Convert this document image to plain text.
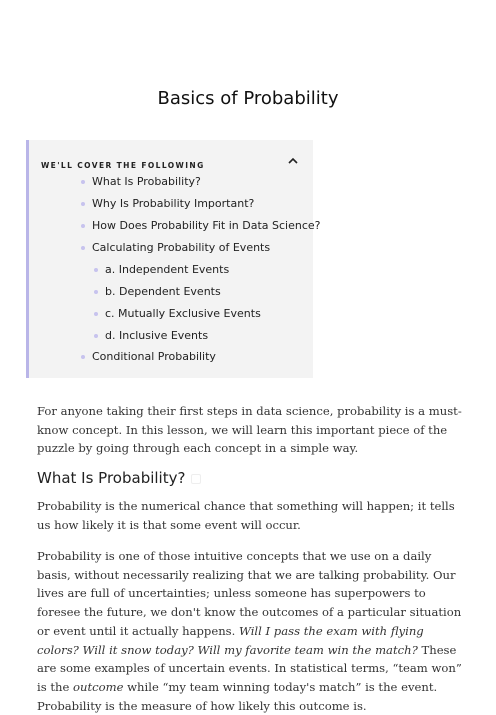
Basics of Probability
WE'LL COVER THE FOLLOWING
What Is Probability?
Why Is Probability Important?
How Does Probability Fit in Data Science?
Calculating Probability of Events
a. Independent Events
b. Dependent Events
c. Mutually Exclusive Events
d. Inclusive Events
Conditional Probability

For anyone taking their first steps in data science, probability is a must-know concept. In this lesson, we will learn this important piece of the puzzle by going through each concept in a simple way.

What Is Probability?

Probability is the numerical chance that something will happen; it tells us how likely it is that some event will occur.

Probability is one of those intuitive concepts that we use on a daily basis, without necessarily realizing that we are talking probability. Our lives are full of uncertainties; unless someone has superpowers to foresee the future, we don't know the outcomes of a particular situation or event until it actually happens. Will I pass the exam with flying colors? Will it snow today? Will my favorite team win the match? These are some examples of uncertain events. In statistical terms, “team won” is the outcome while “my team winning today's match” is the event. Probability is the measure of how likely this outcome is.
